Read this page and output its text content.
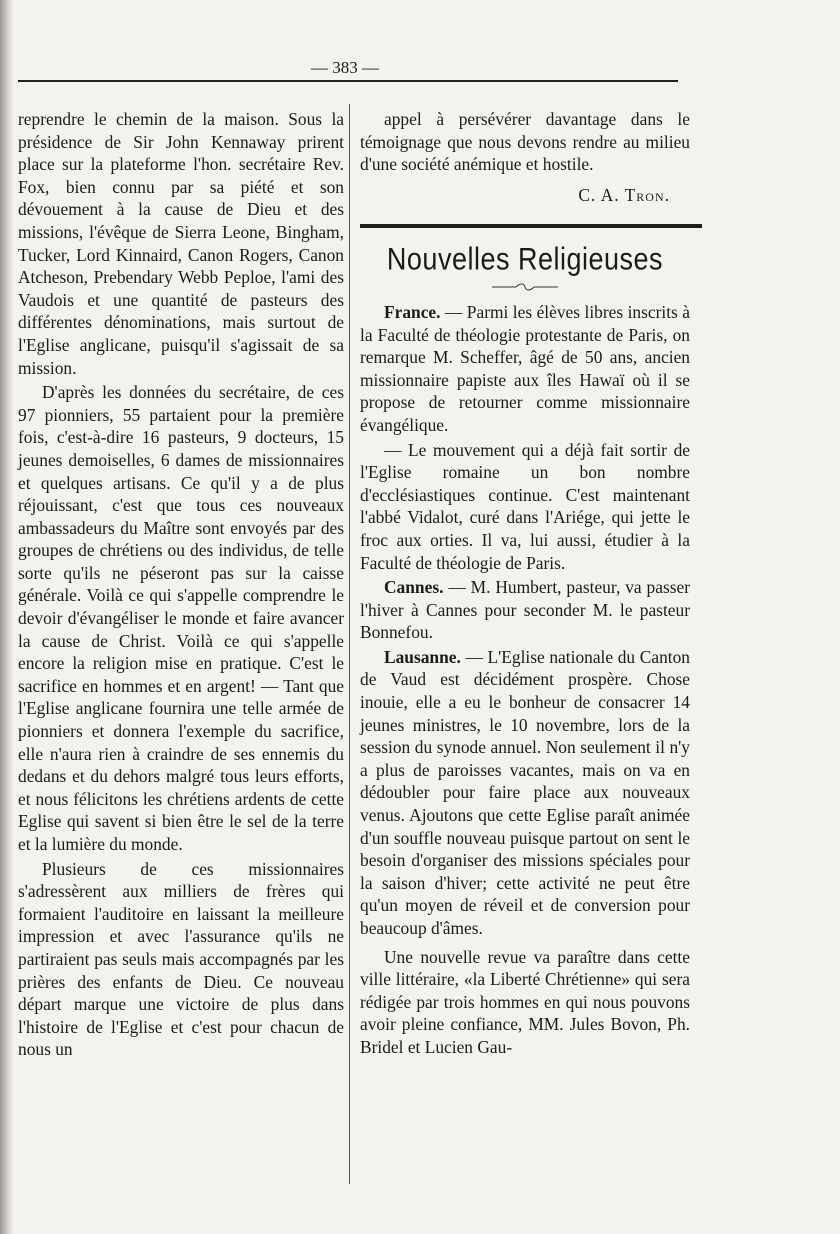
— 383 —

reprendre le chemin de la maison. Sous la présidence de Sir John Kennaway prirent place sur la plateforme l'hon. secrétaire Rev. Fox, bien connu par sa piété et son dévouement à la cause de Dieu et des missions, l'évêque de Sierra Leone, Bingham, Tucker, Lord Kinnaird, Canon Rogers, Canon Atcheson, Prebendary Webb Peploe, l'ami des Vaudois et une quantité de pasteurs des différentes dénominations, mais surtout de l'Eglise anglicane, puisqu'il s'agissait de sa mission.

D'après les données du secrétaire, de ces 97 pionniers, 55 partaient pour la première fois, c'est-à-dire 16 pasteurs, 9 docteurs, 15 jeunes demoiselles, 6 dames de missionnaires et quelques artisans. Ce qu'il y a de plus réjouissant, c'est que tous ces nouveaux ambassadeurs du Maître sont envoyés par des groupes de chrétiens ou des individus, de telle sorte qu'ils ne péseront pas sur la caisse générale. Voilà ce qui s'appelle comprendre le devoir d'évangéliser le monde et faire avancer la cause de Christ. Voilà ce qui s'appelle encore la religion mise en pratique. C'est le sacrifice en hommes et en argent! — Tant que l'Eglise anglicane fournira une telle armée de pionniers et donnera l'exemple du sacrifice, elle n'aura rien à craindre de ses ennemis du dedans et du dehors malgré tous leurs efforts, et nous félicitons les chrétiens ardents de cette Eglise qui savent si bien être le sel de la terre et la lumière du monde.

Plusieurs de ces missionnaires s'adressèrent aux milliers de frères qui formaient l'auditoire en laissant la meilleure impression et avec l'assurance qu'ils ne partiraient pas seuls mais accompagnés par les prières des enfants de Dieu. Ce nouveau départ marque une victoire de plus dans l'histoire de l'Eglise et c'est pour chacun de nous un

appel à persévérer davantage dans le témoignage que nous devons rendre au milieu d'une société anémique et hostile.

C. A. Tron.

Nouvelles Religieuses

France. — Parmi les élèves libres inscrits à la Faculté de théologie protestante de Paris, on remarque M. Scheffer, âgé de 50 ans, ancien missionnaire papiste aux îles Hawaï où il se propose de retourner comme missionnaire évangélique.

— Le mouvement qui a déjà fait sortir de l'Eglise romaine un bon nombre d'ecclésiastiques continue. C'est maintenant l'abbé Vidalot, curé dans l'Ariége, qui jette le froc aux orties. Il va, lui aussi, étudier à la Faculté de théologie de Paris.

Cannes. — M. Humbert, pasteur, va passer l'hiver à Cannes pour seconder M. le pasteur Bonnefou.

Lausanne. — L'Eglise nationale du Canton de Vaud est décidément prospère. Chose inouie, elle a eu le bonheur de consacrer 14 jeunes ministres, le 10 novembre, lors de la session du synode annuel. Non seulement il n'y a plus de paroisses vacantes, mais on va en dédoubler pour faire place aux nouveaux venus. Ajoutons que cette Eglise paraît animée d'un souffle nouveau puisque partout on sent le besoin d'organiser des missions spéciales pour la saison d'hiver; cette activité ne peut être qu'un moyen de réveil et de conversion pour beaucoup d'âmes.

Une nouvelle revue va paraître dans cette ville littéraire, «la Liberté Chrétienne» qui sera rédigée par trois hommes en qui nous pouvons avoir pleine confiance, MM. Jules Bovon, Ph. Bridel et Lucien Gau-
